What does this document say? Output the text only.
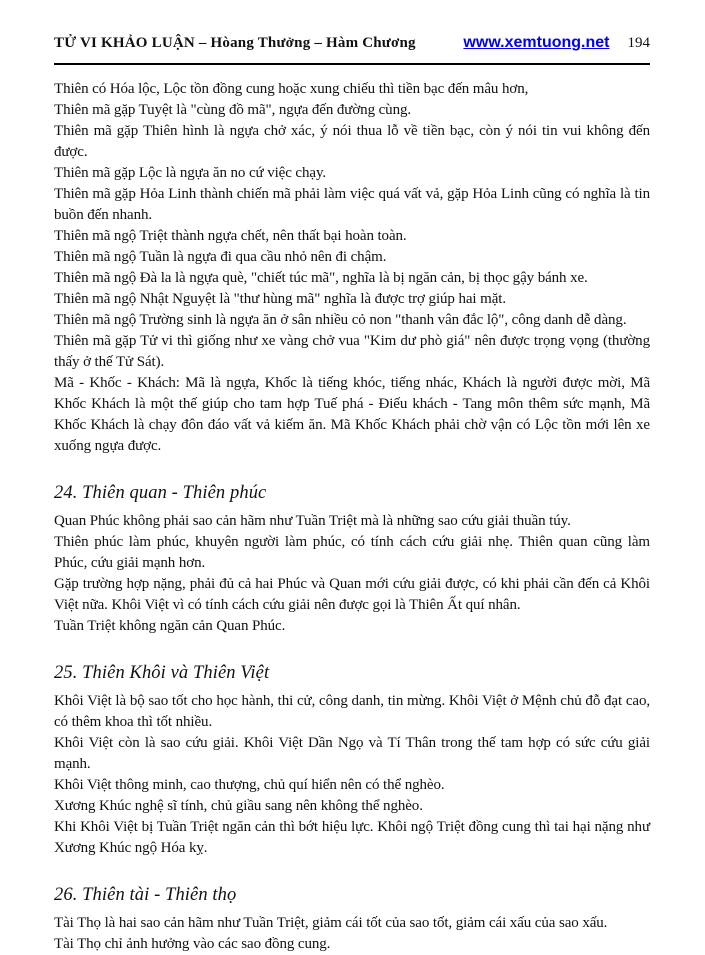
TỬ VI KHẢO LUẬN – Hòang Thưởng – Hàm Chương	www.xemtuong.net 194

Thiên có Hóa lộc, Lộc tồn đồng cung hoặc xung chiếu thì tiền bạc đến mâu hơn,

Thiên mã gặp Tuyệt là "cùng đồ mã", ngựa đến đường cùng.

Thiên mã gặp Thiên hình là ngựa chở xác, ý nói thua lỗ về tiền bạc, còn ý nói tin vui không đến được.

Thiên mã gặp Lộc là ngựa ăn no cứ việc chạy.

Thiên mã gặp Hỏa Linh thành chiến mã phải làm việc quá vất vả, gặp Hỏa Linh cũng có nghĩa là tin buồn đến nhanh.

Thiên mã ngộ Triệt thành ngựa chết, nên thất bại hoàn toàn.

Thiên mã ngộ Tuần là ngựa đi qua cầu nhỏ nên đi chậm.

Thiên mã ngộ Đà la là ngựa què, "chiết túc mã", nghĩa là bị ngăn cản, bị thọc gậy bánh xe.

Thiên mã ngộ Nhật Nguyệt là "thư hùng mã" nghĩa là được trợ giúp hai mặt.

Thiên mã ngộ Trường sinh là ngựa ăn ở sân nhiều cỏ non "thanh vân đắc lộ", công danh dễ dàng.

Thiên mã gặp Tử vi thì giống như xe vàng chở vua "Kim dư phò giá" nên được trọng vọng (thường thấy ở thế Tử Sát).

Mã - Khốc - Khách: Mã là ngựa, Khốc là tiếng khóc, tiếng nhác, Khách là người được mời, Mã Khốc Khách là một thế giúp cho tam hợp Tuế phá - Điếu khách - Tang môn thêm sức mạnh, Mã Khốc Khách là chạy đôn đáo vất vả kiếm ăn. Mã Khốc Khách phải chờ vận có Lộc tồn mới lên xe xuống ngựa được.

24. Thiên quan - Thiên phúc

Quan Phúc không phải sao cản hãm như Tuần Triệt mà là những sao cứu giải thuần túy.

Thiên phúc làm phúc, khuyên người làm phúc, có tính cách cứu giải nhẹ. Thiên quan cũng làm Phúc, cứu giải mạnh hơn.

Gặp trường hợp nặng, phải đủ cả hai Phúc và Quan mới cứu giải được, có khi phải cần đến cả Khôi Việt nữa. Khôi Việt vì có tính cách cứu giải nên được gọi là Thiên Ất quí nhân.

Tuần Triệt không ngăn cản Quan Phúc.

25. Thiên Khôi và Thiên Việt

Khôi Việt là bộ sao tốt cho học hành, thi cử, công danh, tin mừng. Khôi Việt ở Mệnh chủ đỗ đạt cao, có thêm khoa thì tốt nhiều.

Khôi Việt còn là sao cứu giải. Khôi Việt Dần Ngọ và Tí Thân trong thế tam hợp có sức cứu giải mạnh.

Khôi Việt thông minh, cao thượng, chủ quí hiển nên có thể nghèo.

Xương Khúc nghệ sĩ tính, chủ giầu sang nên không thể nghèo.

Khi Khôi Việt bị Tuần Triệt ngăn cản thì bớt hiệu lực. Khôi ngộ Triệt đồng cung thì tai hại nặng như Xương Khúc ngộ Hóa kỵ.

26. Thiên tài - Thiên thọ

Tài Thọ là hai sao cản hãm như Tuần Triệt, giảm cái tốt của sao tốt, giảm cái xấu của sao xấu.

Tài Thọ chỉ ảnh hưởng vào các sao đồng cung.
